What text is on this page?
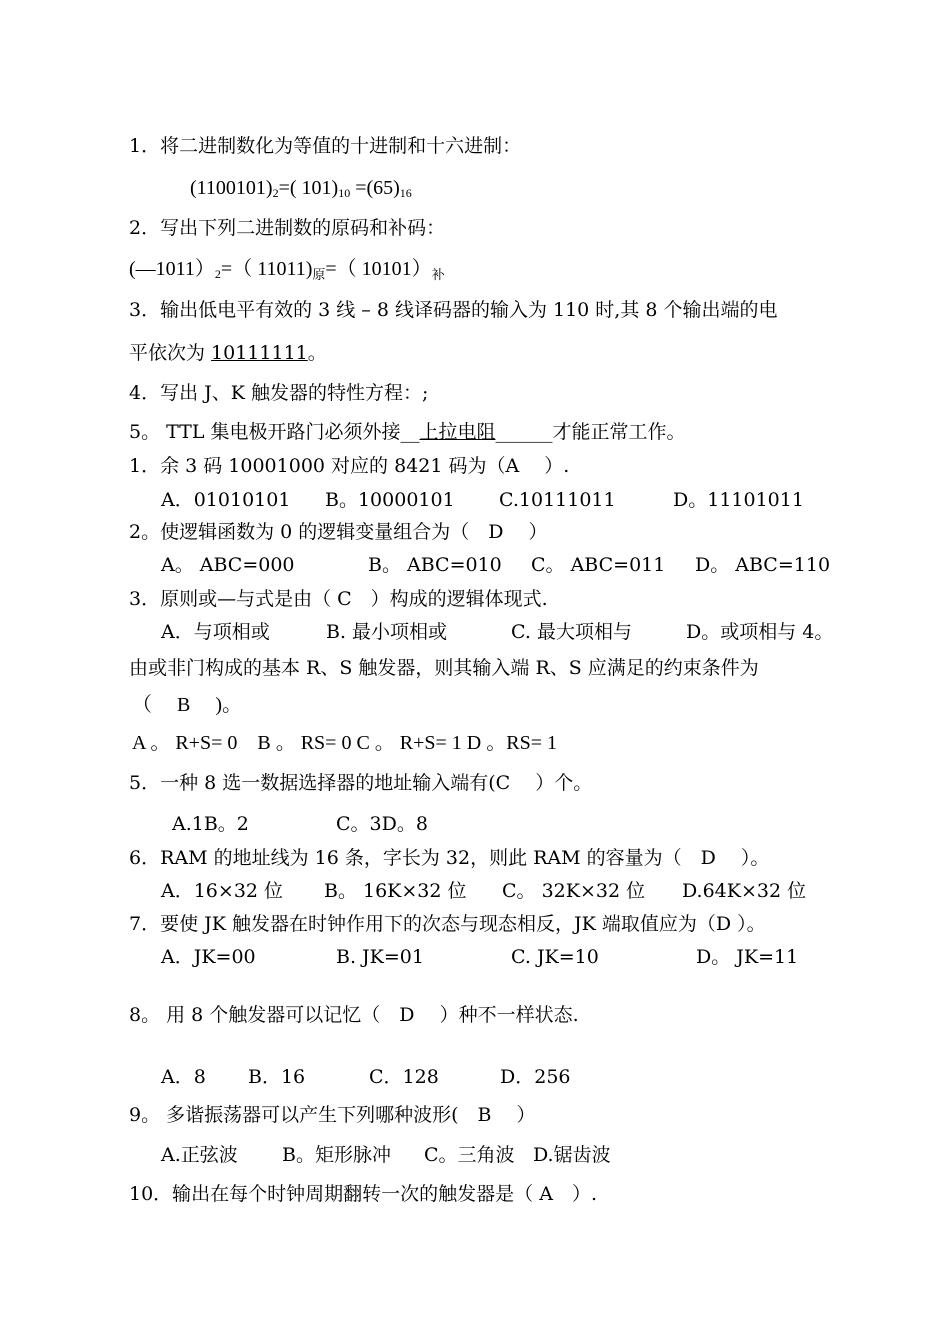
1．将二进制数化为等值的十进制和十六进制：
$(1100101)_2=$( $101)_{10} =(65)_{16}$
2．写出下列二进制数的原码和补码：
$(—1011)_2=$（ $11011)_原=$（ $10101)_补$
3．输出低电平有效的 3 线 – 8 线译码器的输入为 110 时,其 8 个输出端的电
平依次为 10111111。
4．写出 J、K 触发器的特性方程：;
5。 TTL 集电极开路门必须外接__上拉电阻______才能正常工作。
1．余 3 码 10001000 对应的 8421 码为（A　 ）.
A．01010101 B。10000101 C.10111011	D。11101011
2。使逻辑函数为 0 的逻辑变量组合为（　D　 ）
A。 ABC=000	B。 ABC=010 C。 ABC=011 D。 ABC=110
3．原则或—与式是由（ C　）构成的逻辑体现式.
A．与项相或	B. 最小项相或	C. 最大项相与	D。或项相与 4。
由或非门构成的基本 R、S 触发器，则其输入端 R、S 应满足的约束条件为
（　 B　 )。
A 。 R+S= 0　B 。 RS= 0 C 。 R+S= 1 D 。RS= 1
5．一种 8 选一数据选择器的地址输入端有(C　 ）个。
A.1B。2	C。3D。8
6．RAM 的地址线为 16 条，字长为 32，则此 RAM 的容量为（　D　 ）。
A．16×32 位 B。 16K×32 位 C。 32K×32 位 D.64K×32 位
7．要使 JK 触发器在时钟作用下的次态与现态相反，JK 端取值应为（D ）。
A．JK=00	B. JK=01	C. JK=10	D。 JK=11
8。 用 8 个触发器可以记忆（　D　 ）种不一样状态.
A．8 B．16	C．128	D．256
9。 多谐振荡器可以产生下列哪种波形(　B　 ）
A.正弦波 B。矩形脉冲 C。三角波 D.锯齿波
10．输出在每个时钟周期翻转一次的触发器是（ A　）.
